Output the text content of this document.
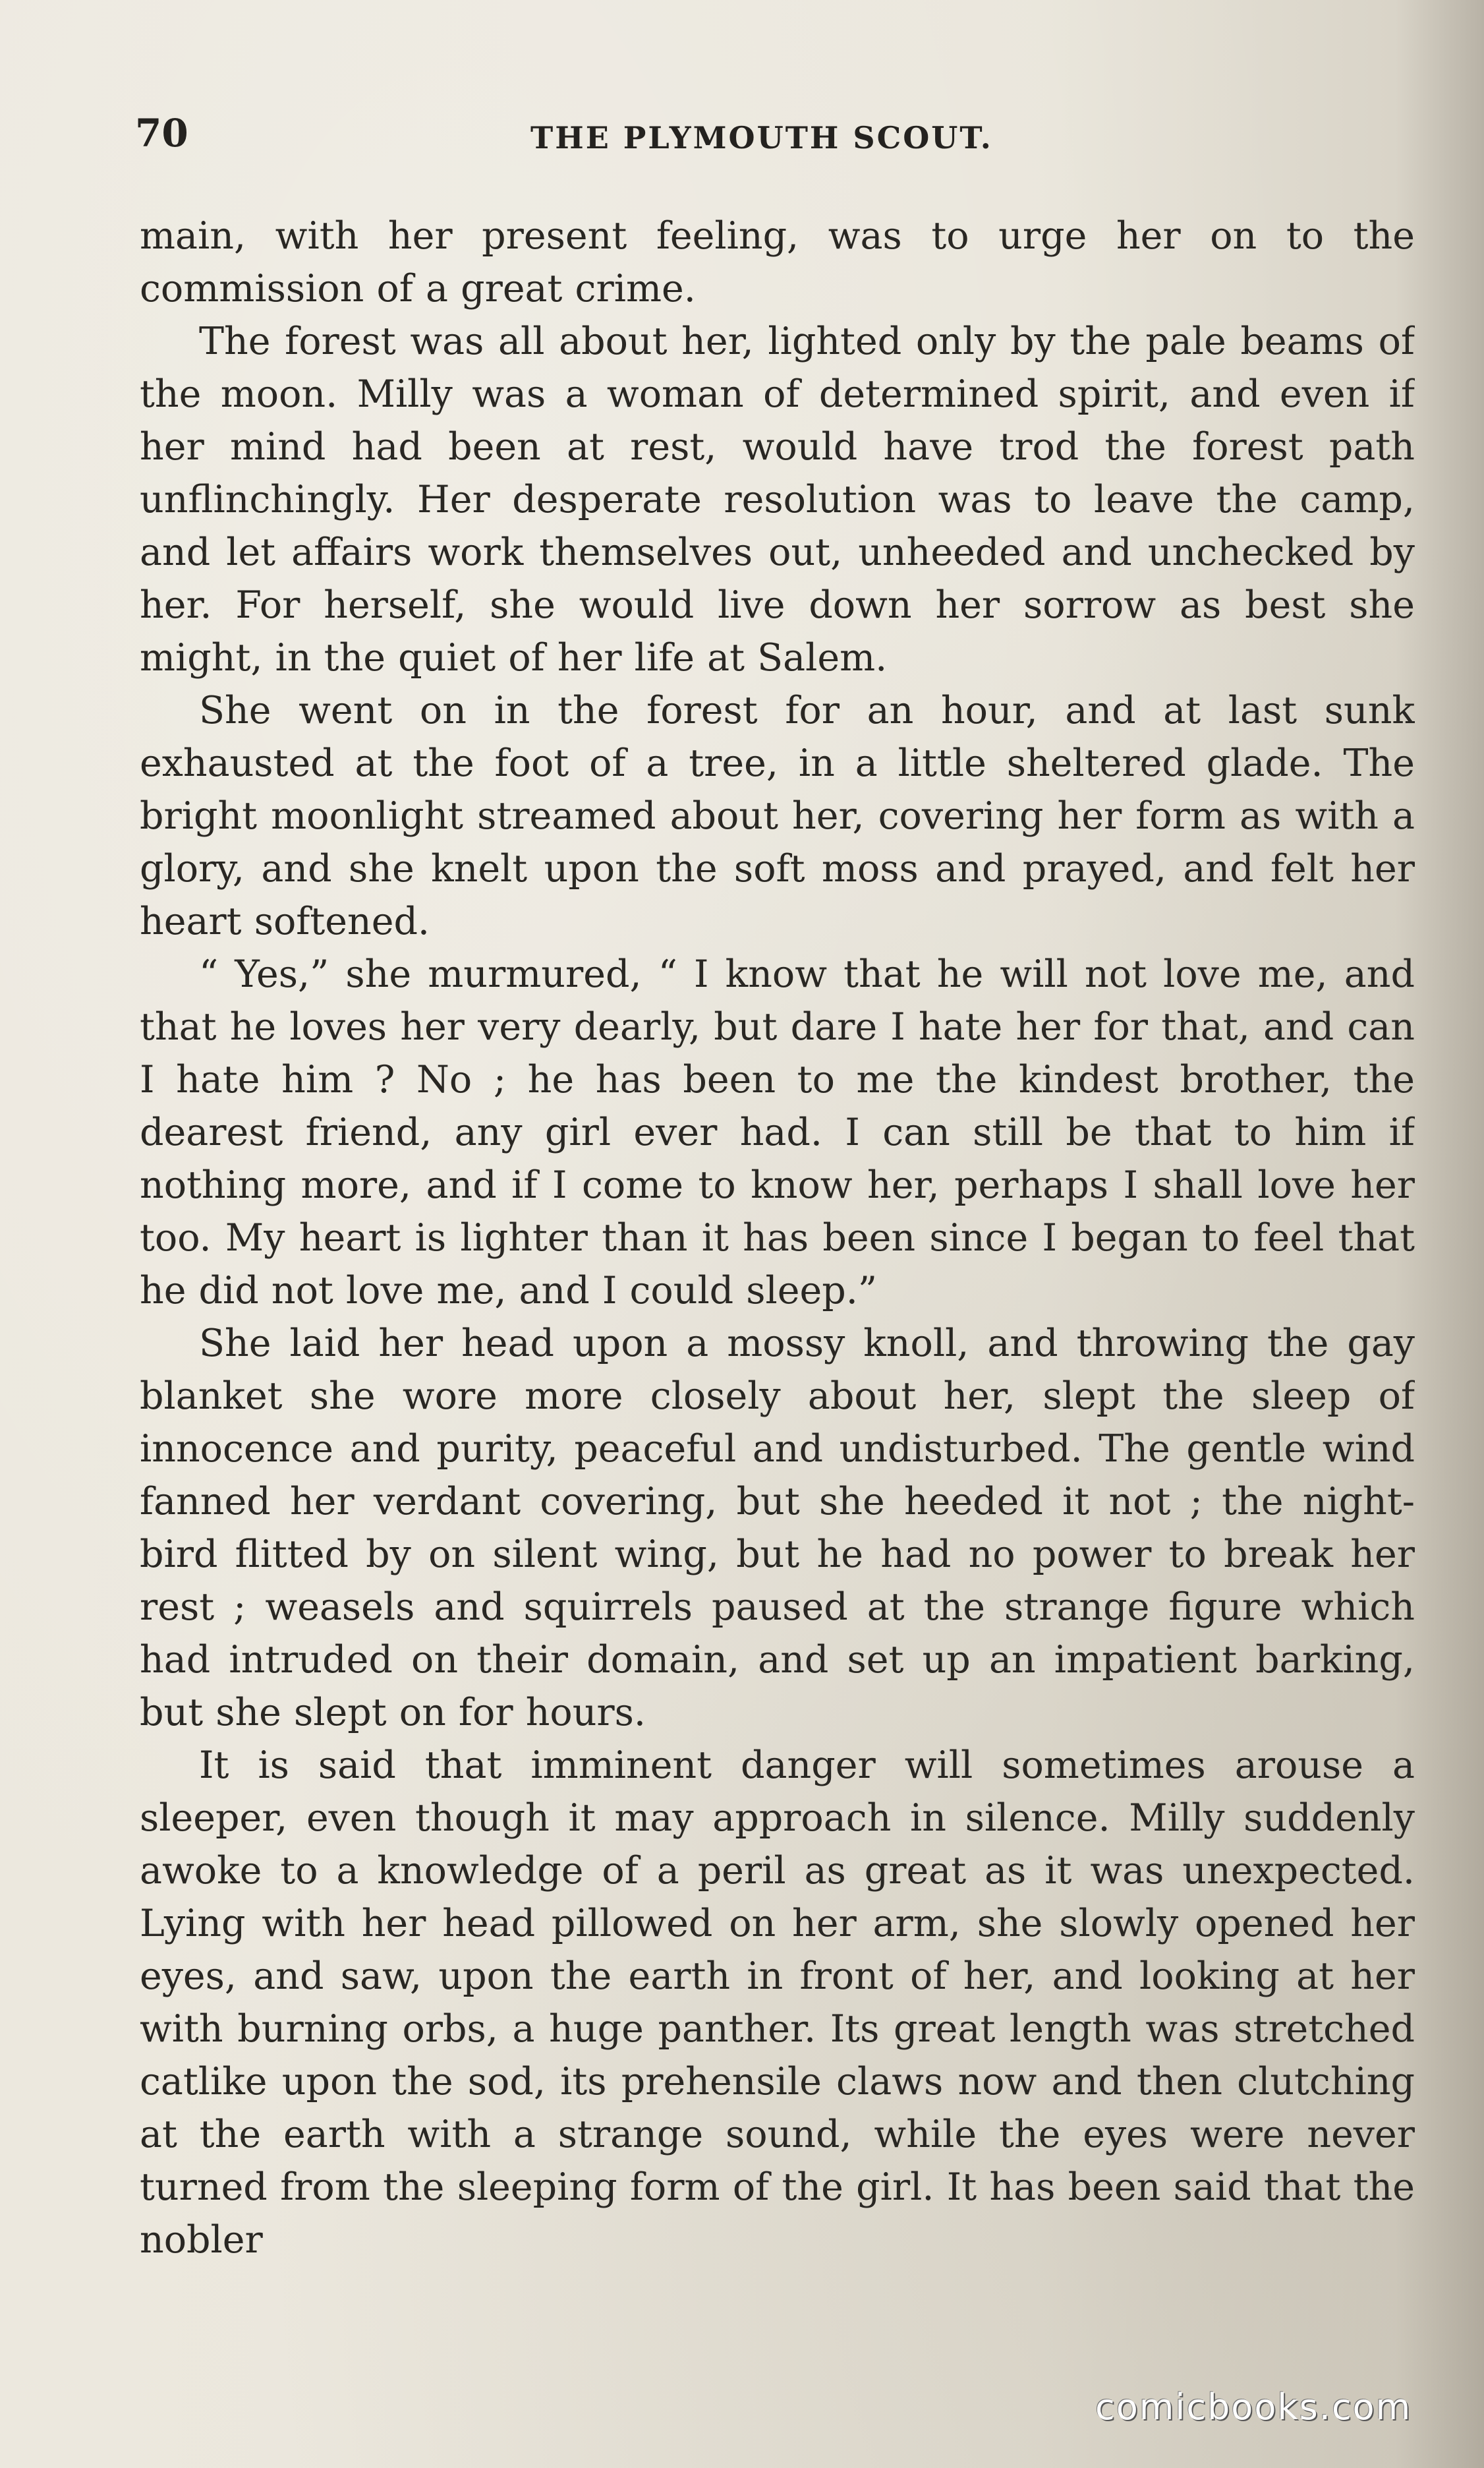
70	THE PLYMOUTH SCOUT.

main, with her present feeling, was to urge her on to the commission of a great crime.

The forest was all about her, lighted only by the pale beams of the moon. Milly was a woman of determined spirit, and even if her mind had been at rest, would have trod the forest path unflinchingly. Her desperate resolution was to leave the camp, and let affairs work themselves out, unheeded and unchecked by her. For herself, she would live down her sorrow as best she might, in the quiet of her life at Salem.

She went on in the forest for an hour, and at last sunk exhausted at the foot of a tree, in a little sheltered glade. The bright moonlight streamed about her, covering her form as with a glory, and she knelt upon the soft moss and prayed, and felt her heart softened.

“ Yes,” she murmured, “ I know that he will not love me, and that he loves her very dearly, but dare I hate her for that, and can I hate him ? No ; he has been to me the kindest brother, the dearest friend, any girl ever had. I can still be that to him if nothing more, and if I come to know her, perhaps I shall love her too. My heart is lighter than it has been since I began to feel that he did not love me, and I could sleep.”

She laid her head upon a mossy knoll, and throwing the gay blanket she wore more closely about her, slept the sleep of innocence and purity, peaceful and undisturbed. The gentle wind fanned her verdant covering, but she heeded it not ; the night-bird flitted by on silent wing, but he had no power to break her rest ; weasels and squirrels paused at the strange figure which had intruded on their domain, and set up an impatient barking, but she slept on for hours.

It is said that imminent danger will sometimes arouse a sleeper, even though it may approach in silence. Milly suddenly awoke to a knowledge of a peril as great as it was unexpected. Lying with her head pillowed on her arm, she slowly opened her eyes, and saw, upon the earth in front of her, and looking at her with burning orbs, a huge panther. Its great length was stretched catlike upon the sod, its prehensile claws now and then clutching at the earth with a strange sound, while the eyes were never turned from the sleeping form of the girl. It has been said that the nobler

comicbooks.com
